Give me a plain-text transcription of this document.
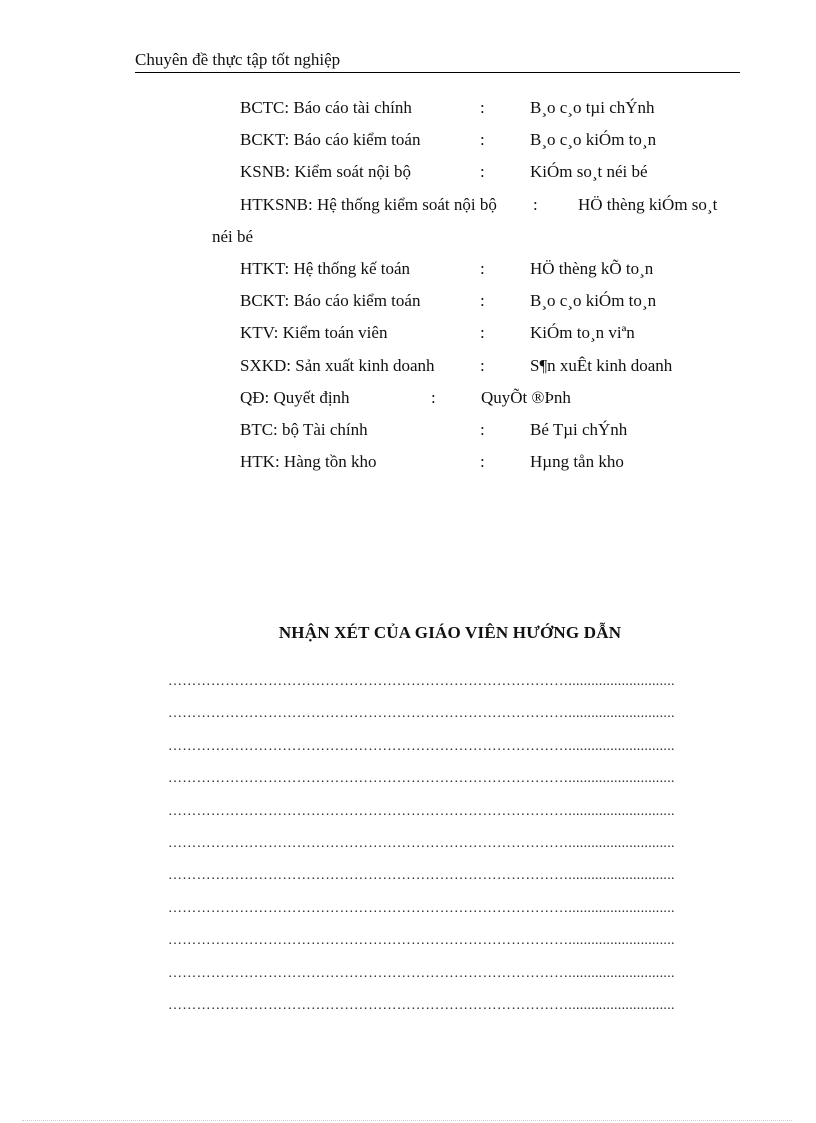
Chuyên đề thực tập tốt nghiệp
BCTC: Báo cáo tài chính	:	B¸o c¸o tµi chÝnh
BCKT: Báo cáo kiểm toán	:	B¸o c¸o kiÓm to¸n
KSNB: Kiểm soát nội bộ	:	KiÓm so¸t néi bé
HTKSNB: Hệ thống kiểm soát nội bộ : HÖ thèng kiÓm so¸t
néi bé
HTKT: Hệ thống kế toán	:	HÖ thèng kÕ to¸n
BCKT: Báo cáo kiểm toán	:	B¸o c¸o kiÓm to¸n
KTV: Kiểm toán viên	:	KiÓm to¸n viªn
SXKD: Sản xuất kinh doanh	:	S¶n xuÊt kinh doanh
QĐ: Quyết định	:	QuyÕt ®Þnh
BTC: bộ Tài chính	:	Bé Tµi chÝnh
HTK: Hàng tồn kho	:	Hµng tån kho
NHẬN XÉT CỦA GIÁO VIÊN HƯỚNG DẪN
…………………………………………………………………………............................
…………………………………………………………………………............................
…………………………………………………………………………............................
…………………………………………………………………………............................
…………………………………………………………………………............................
…………………………………………………………………………............................
…………………………………………………………………………............................
…………………………………………………………………………............................
…………………………………………………………………………............................
…………………………………………………………………………............................
…………………………………………………………………………............................
